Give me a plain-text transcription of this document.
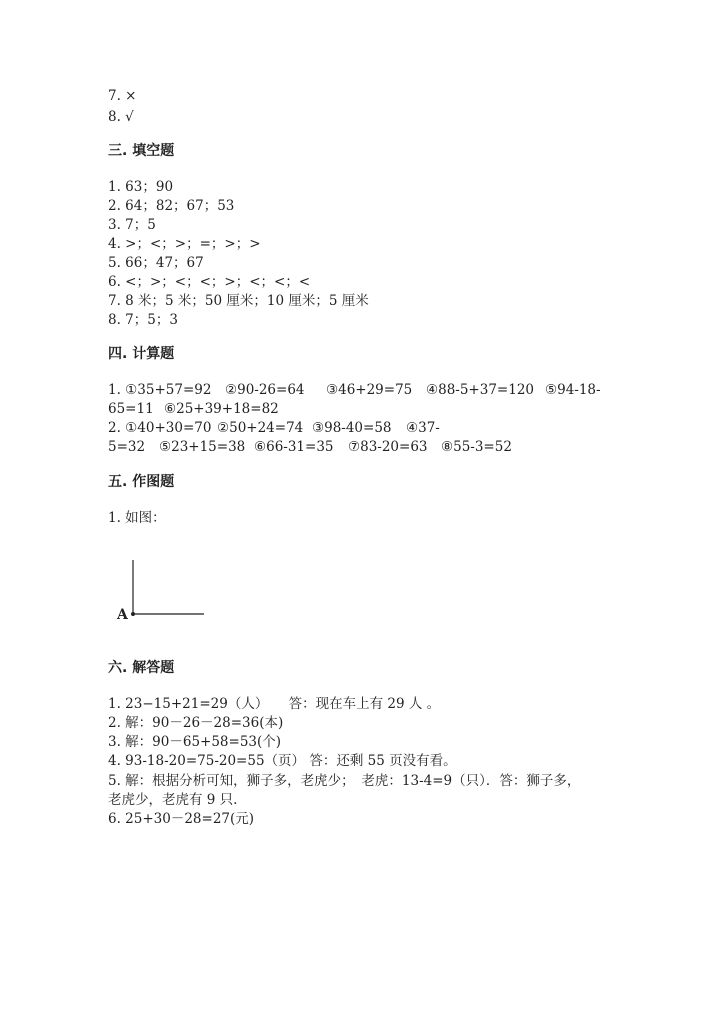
7. ×
8. √
三. 填空题
1. 63；90
2. 64；82；67；53
3. 7；5
4. >；<；>；=；>；>
5. 66；47；67
6. <；>；<；<；>；<；<；<
7. 8 米；5 米；50 厘米；10 厘米；5 厘米
8. 7；5；3
四. 计算题
1. ①35+57=92 ②90-26=64 ③46+29=75 ④88-5+37=120 ⑤94-18-
65=11 ⑥25+39+18=82
2. ①40+30=70 ②50+24=74 ③98-40=58 ④37-
5=32 ⑤23+15=38 ⑥66-31=35 ⑦83-20=63 ⑧55-3=52
五. 作图题
1. 如图：
A
六. 解答题
1. 23−15+21=29（人）　　答：现在车上有 29 人 。
2. 解：90－26－28=36(本)
3. 解：90－65+58=53(个)
4. 93-18-20=75-20=55（页） 答：还剩 55 页没有看。
5. 解：根据分析可知，狮子多，老虎少；　老虎：13-4=9（只）．答：狮子多，
老虎少，老虎有 9 只.
6. 25+30－28=27(元)
